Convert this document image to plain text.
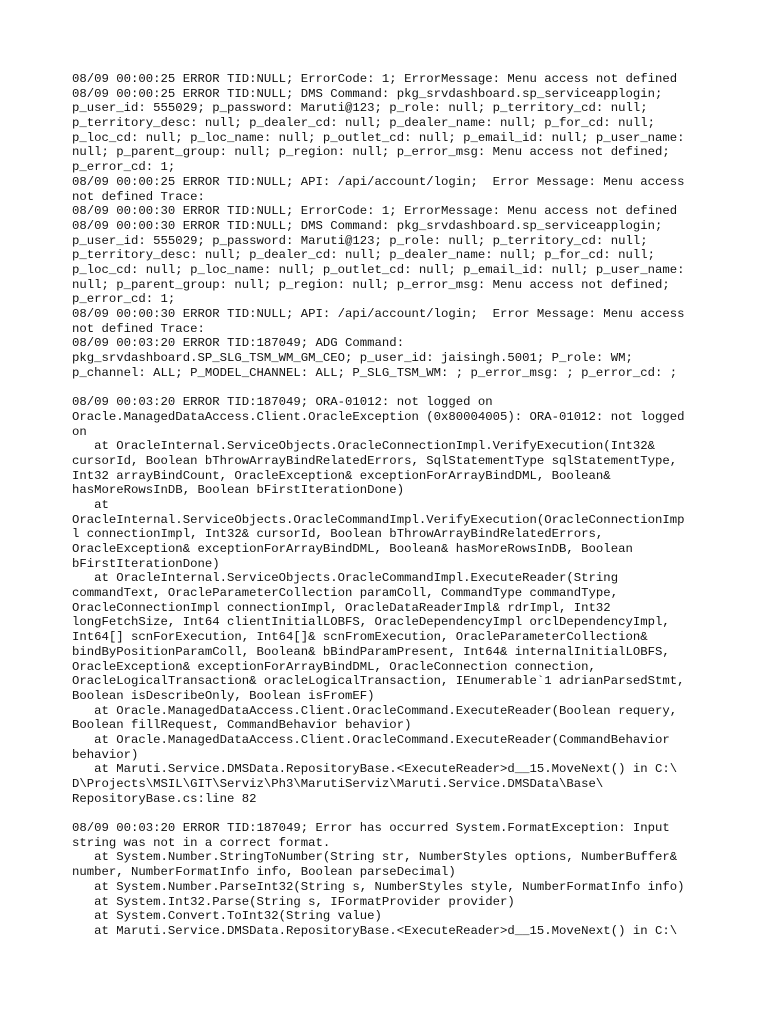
08/09 00:00:25 ERROR TID:NULL; ErrorCode: 1; ErrorMessage: Menu access not defined
08/09 00:00:25 ERROR TID:NULL; DMS Command: pkg_srvdashboard.sp_serviceapplogin;
p_user_id: 555029; p_password: Maruti@123; p_role: null; p_territory_cd: null;
p_territory_desc: null; p_dealer_cd: null; p_dealer_name: null; p_for_cd: null;
p_loc_cd: null; p_loc_name: null; p_outlet_cd: null; p_email_id: null; p_user_name:
null; p_parent_group: null; p_region: null; p_error_msg: Menu access not defined;
p_error_cd: 1;
08/09 00:00:25 ERROR TID:NULL; API: /api/account/login;  Error Message: Menu access
not defined Trace:
08/09 00:00:30 ERROR TID:NULL; ErrorCode: 1; ErrorMessage: Menu access not defined
08/09 00:00:30 ERROR TID:NULL; DMS Command: pkg_srvdashboard.sp_serviceapplogin;
p_user_id: 555029; p_password: Maruti@123; p_role: null; p_territory_cd: null;
p_territory_desc: null; p_dealer_cd: null; p_dealer_name: null; p_for_cd: null;
p_loc_cd: null; p_loc_name: null; p_outlet_cd: null; p_email_id: null; p_user_name:
null; p_parent_group: null; p_region: null; p_error_msg: Menu access not defined;
p_error_cd: 1;
08/09 00:00:30 ERROR TID:NULL; API: /api/account/login;  Error Message: Menu access
not defined Trace:
08/09 00:03:20 ERROR TID:187049; ADG Command:
pkg_srvdashboard.SP_SLG_TSM_WM_GM_CEO; p_user_id: jaisingh.5001; P_role: WM;
p_channel: ALL; P_MODEL_CHANNEL: ALL; P_SLG_TSM_WM: ; p_error_msg: ; p_error_cd: ;
08/09 00:03:20 ERROR TID:187049; ORA-01012: not logged on
Oracle.ManagedDataAccess.Client.OracleException (0x80004005): ORA-01012: not logged
on
at OracleInternal.ServiceObjects.OracleConnectionImpl.VerifyExecution(Int32&
cursorId, Boolean bThrowArrayBindRelatedErrors, SqlStatementType sqlStatementType,
Int32 arrayBindCount, OracleException& exceptionForArrayBindDML, Boolean&
hasMoreRowsInDB, Boolean bFirstIterationDone)
at
OracleInternal.ServiceObjects.OracleCommandImpl.VerifyExecution(OracleConnectionImp
l connectionImpl, Int32& cursorId, Boolean bThrowArrayBindRelatedErrors,
OracleException& exceptionForArrayBindDML, Boolean& hasMoreRowsInDB, Boolean
bFirstIterationDone)
at OracleInternal.ServiceObjects.OracleCommandImpl.ExecuteReader(String
commandText, OracleParameterCollection paramColl, CommandType commandType,
OracleConnectionImpl connectionImpl, OracleDataReaderImpl& rdrImpl, Int32
longFetchSize, Int64 clientInitialLOBFS, OracleDependencyImpl orclDependencyImpl,
Int64[] scnForExecution, Int64[]& scnFromExecution, OracleParameterCollection&
bindByPositionParamColl, Boolean& bBindParamPresent, Int64& internalInitialLOBFS,
OracleException& exceptionForArrayBindDML, OracleConnection connection,
OracleLogicalTransaction& oracleLogicalTransaction, IEnumerable`1 adrianParsedStmt,
Boolean isDescribeOnly, Boolean isFromEF)
at Oracle.ManagedDataAccess.Client.OracleCommand.ExecuteReader(Boolean requery,
Boolean fillRequest, CommandBehavior behavior)
at Oracle.ManagedDataAccess.Client.OracleCommand.ExecuteReader(CommandBehavior
behavior)
at Maruti.Service.DMSData.RepositoryBase.<ExecuteReader>d__15.MoveNext() in C:\
D\Projects\MSIL\GIT\Serviz\Ph3\MarutiServiz\Maruti.Service.DMSData\Base\
RepositoryBase.cs:line 82
08/09 00:03:20 ERROR TID:187049; Error has occurred System.FormatException: Input
string was not in a correct format.
at System.Number.StringToNumber(String str, NumberStyles options, NumberBuffer&
number, NumberFormatInfo info, Boolean parseDecimal)
at System.Number.ParseInt32(String s, NumberStyles style, NumberFormatInfo info)
at System.Int32.Parse(String s, IFormatProvider provider)
at System.Convert.ToInt32(String value)
at Maruti.Service.DMSData.RepositoryBase.<ExecuteReader>d__15.MoveNext() in C:\
